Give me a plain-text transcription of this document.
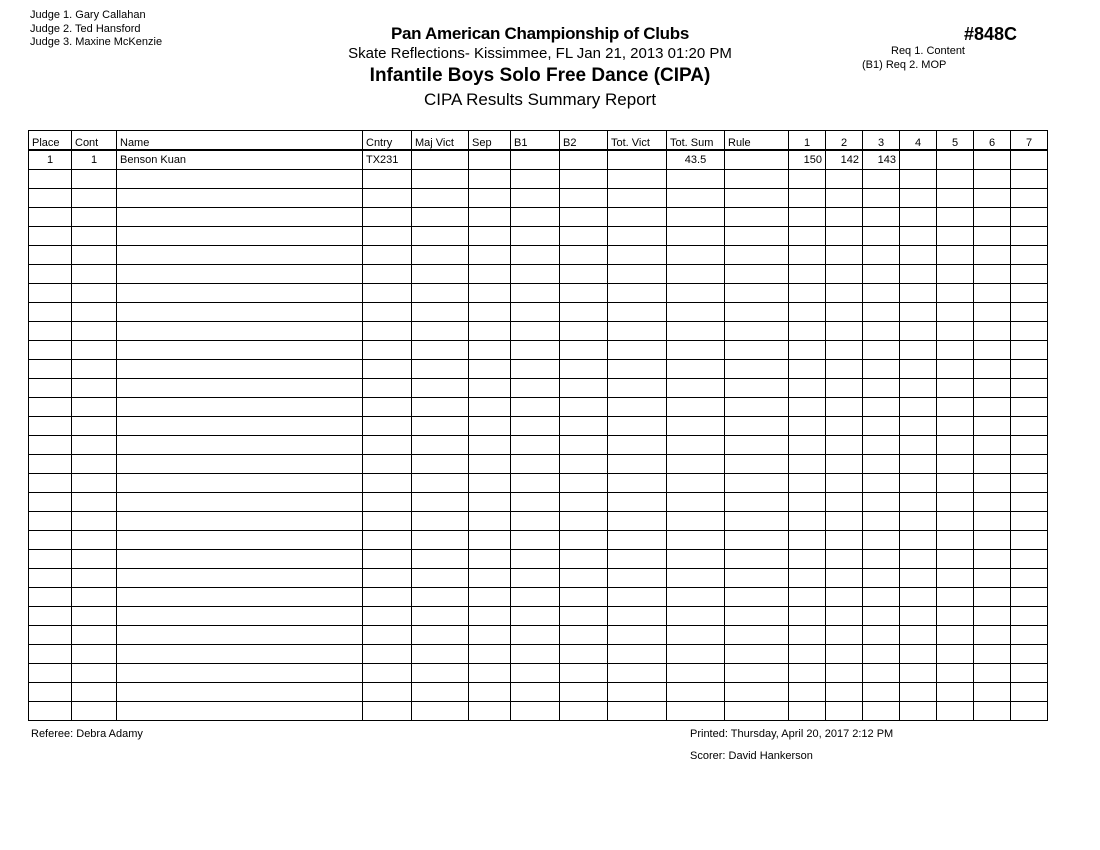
Judge 1. Gary Callahan
Judge 2. Ted Hansford
Judge 3. Maxine McKenzie	Pan American Championship of Clubs
Skate Reflections- Kissimmee, FL Jan 21, 2013 01:20 PM
Infantile Boys Solo Free Dance (CIPA)
CIPA Results Summary Report
#848C
Req 1. Content
(B1) Req 2. MOP
Place	Cont	Name	Cntry	Maj Vict	Sep	B1	B2	Tot. Vict	Tot. Sum	Rule	1	2	3	4	5	6	7
1	1	Benson Kuan	TX231						43.5		150	142	143				

Referee: Debra Adamy	Printed: Thursday, April 20, 2017 2:12 PM
Scorer: David Hankerson
